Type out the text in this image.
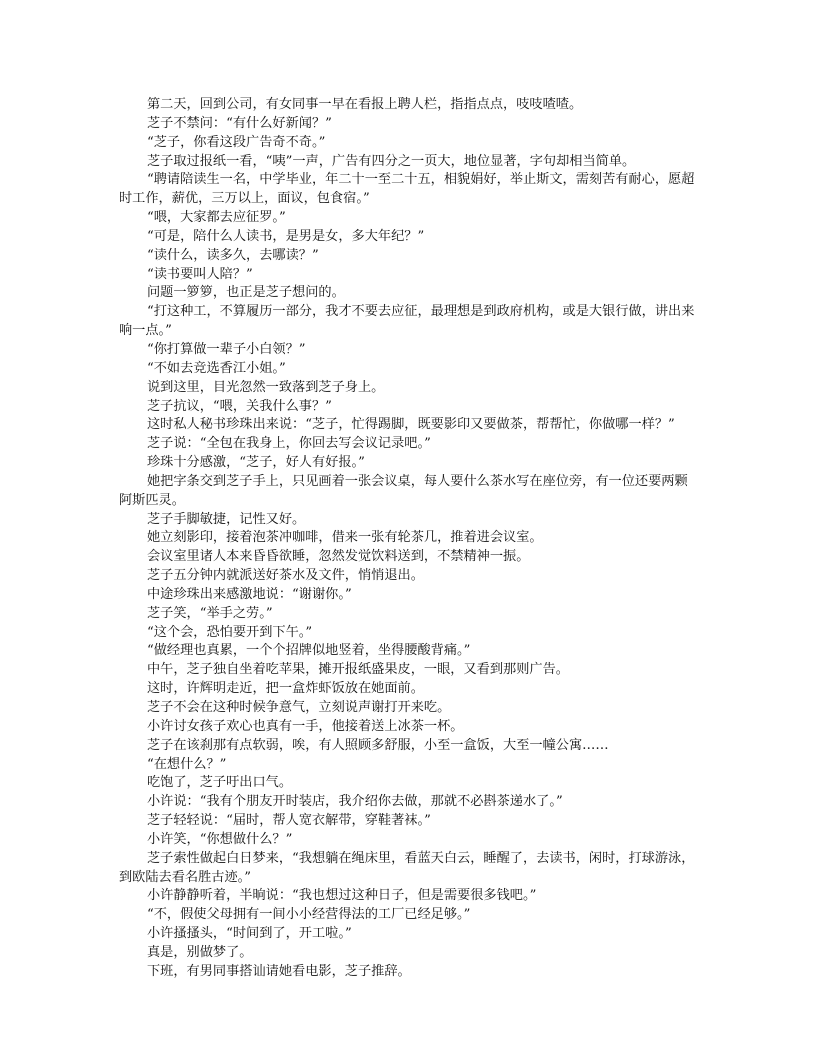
第二天，回到公司，有女同事一早在看报上聘人栏，指指点点，吱吱喳喳。

芝子不禁问：“有什么好新闻？”

“芝子，你看这段广告奇不奇。”

芝子取过报纸一看，“咦”一声，广告有四分之一页大，地位显著，字句却相当简单。

“聘请陪读生一名，中学毕业，年二十一至二十五，相貌娟好，举止斯文，需刻苦有耐心，愿超时工作，薪优，三万以上，面议，包食宿。”

“喂，大家都去应征罗。”

“可是，陪什么人读书，是男是女，多大年纪？”

“读什么，读多久，去哪读？”

“读书要叫人陪？”

问题一箩箩，也正是芝子想问的。

“打这种工，不算履历一部分，我才不要去应征，最理想是到政府机构，或是大银行做，讲出来响一点。”

“你打算做一辈子小白领？”

“不如去竞选香江小姐。”

说到这里，目光忽然一致落到芝子身上。

芝子抗议，“喂，关我什么事？”

这时私人秘书珍珠出来说：“芝子，忙得踢脚，既要影印又要做茶，帮帮忙，你做哪一样？”

芝子说：“全包在我身上，你回去写会议记录吧。”

珍珠十分感激，“芝子，好人有好报。”

她把字条交到芝子手上，只见画着一张会议桌，每人要什么茶水写在座位旁，有一位还要两颗阿斯匹灵。

芝子手脚敏捷，记性又好。

她立刻影印，接着泡茶冲咖啡，借来一张有轮茶几，推着进会议室。

会议室里诸人本来昏昏欲睡，忽然发觉饮料送到，不禁精神一振。

芝子五分钟内就派送好茶水及文件，悄悄退出。

中途珍珠出来感激地说：“谢谢你。”

芝子笑，“举手之劳。”

“这个会，恐怕要开到下午。”

“做经理也真累，一个个招牌似地竖着，坐得腰酸背痛。”

中午，芝子独自坐着吃苹果，摊开报纸盛果皮，一眼，又看到那则广告。

这时，许辉明走近，把一盒炸虾饭放在她面前。

芝子不会在这种时候争意气，立刻说声谢打开来吃。

小许讨女孩子欢心也真有一手，他接着送上冰茶一杯。

芝子在该刹那有点软弱，唉，有人照顾多舒服，小至一盒饭，大至一幢公寓……

“在想什么？”

吃饱了，芝子吁出口气。

小许说：“我有个朋友开时装店，我介绍你去做，那就不必斟茶递水了。”

芝子轻轻说：“届时，帮人宽衣解带，穿鞋著袜。”

小许笑，“你想做什么？”

芝子索性做起白日梦来，“我想躺在绳床里，看蓝天白云，睡醒了，去读书，闲时，打球游泳，到欧陆去看名胜古迹。”

小许静静听着，半晌说：“我也想过这种日子，但是需要很多钱吧。”

“不，假使父母拥有一间小小经营得法的工厂已经足够。”

小许搔搔头，“时间到了，开工啦。”

真是，别做梦了。

下班，有男同事搭讪请她看电影，芝子推辞。
